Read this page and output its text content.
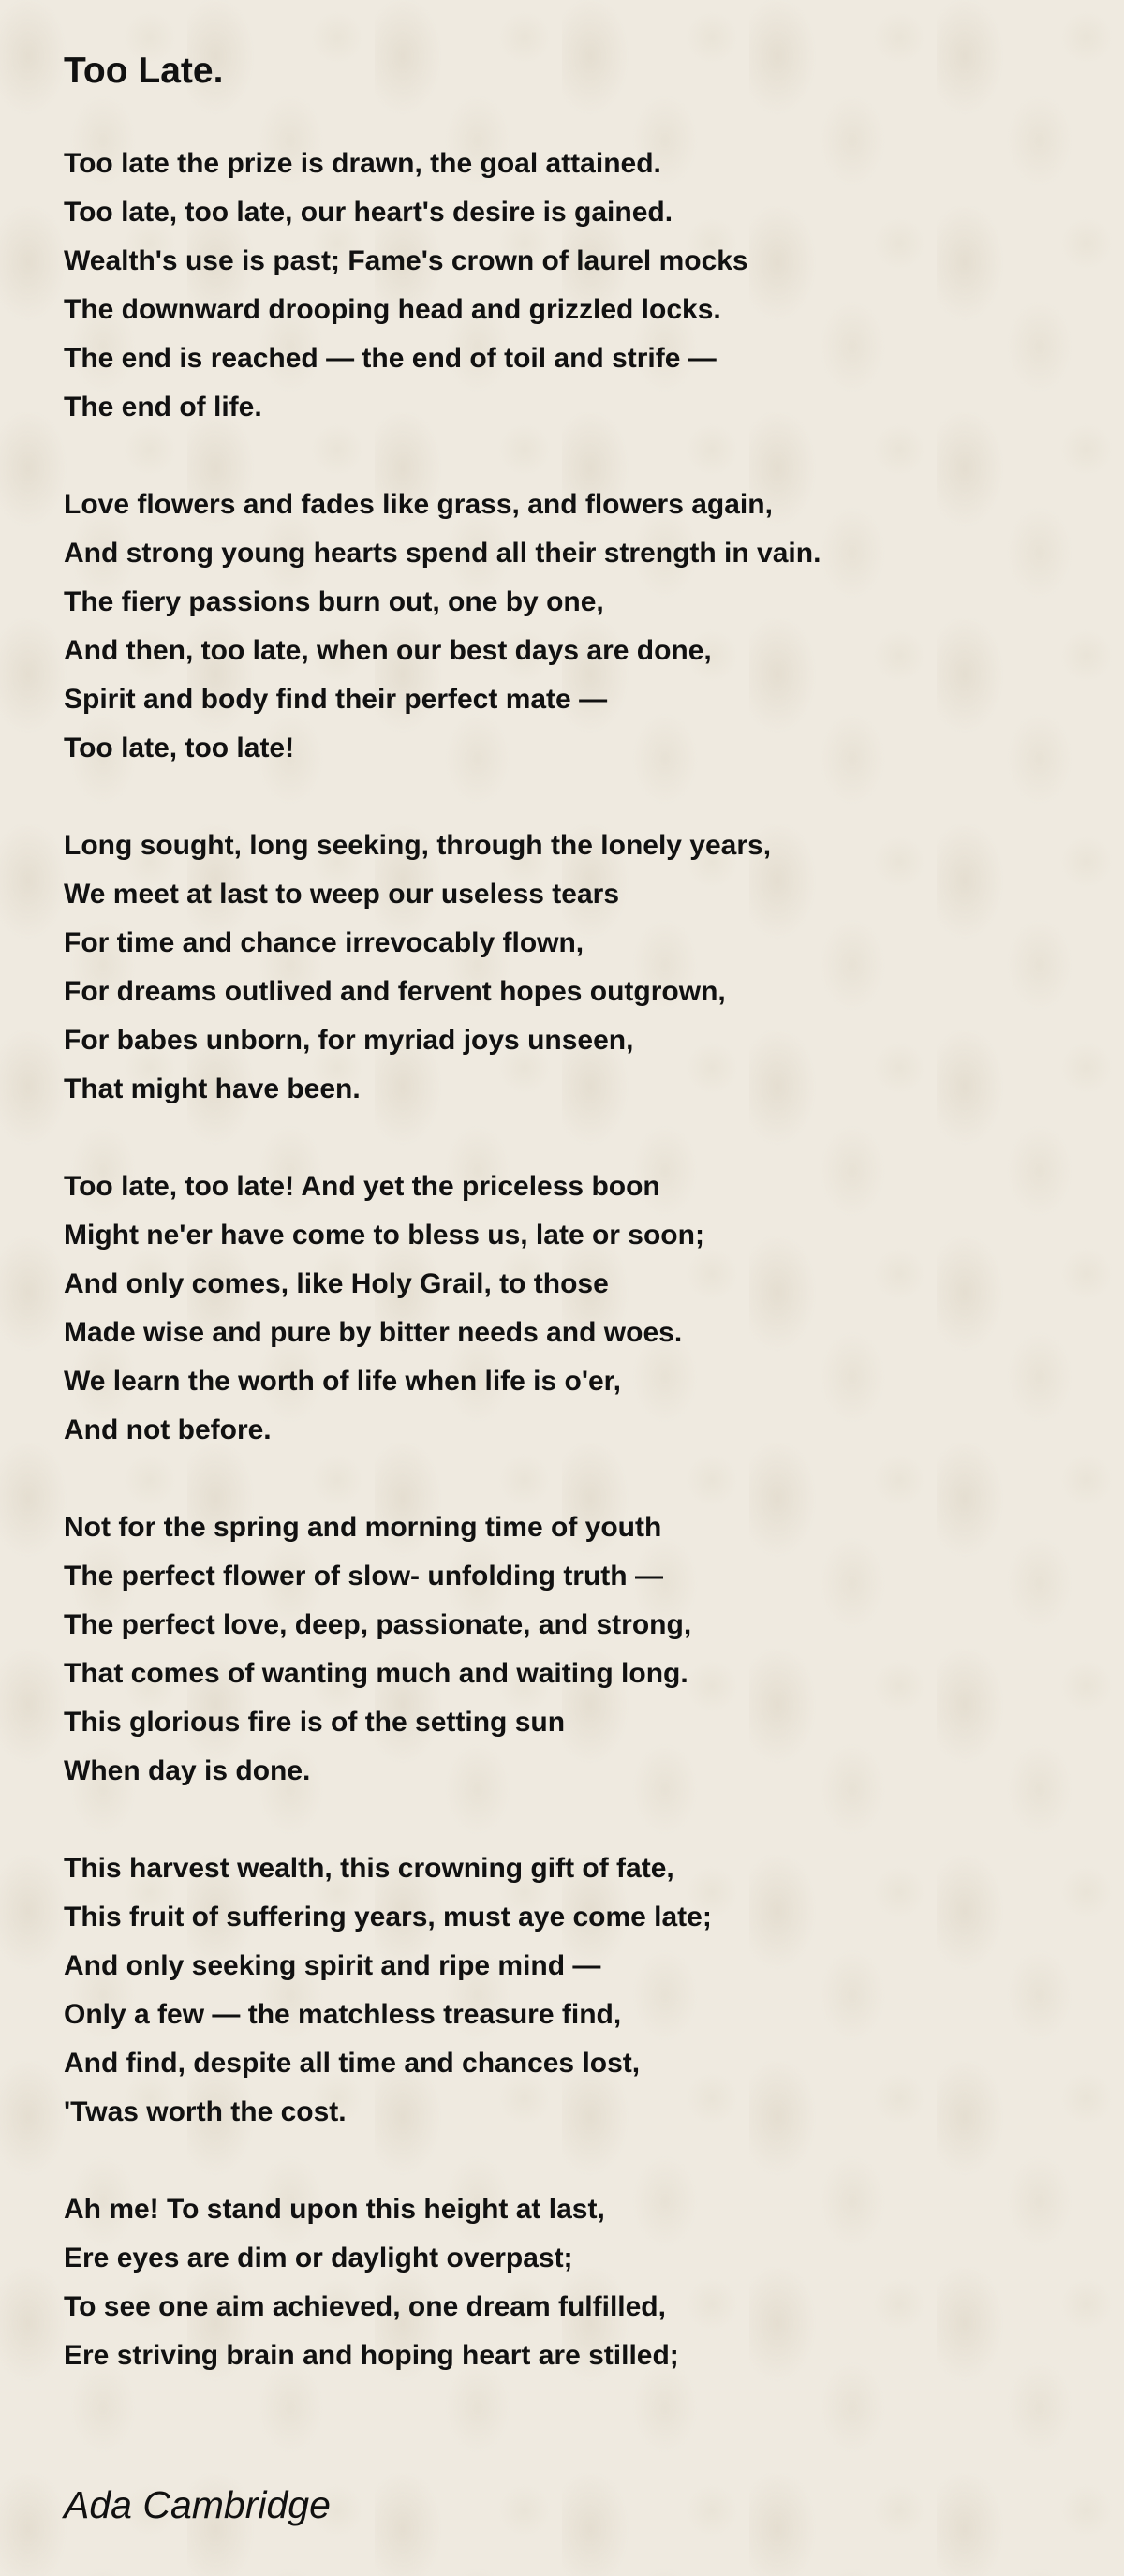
Too Late.
Too late the prize is drawn, the goal attained.
Too late, too late, our heart's desire is gained.
Wealth's use is past; Fame's crown of laurel mocks
The downward drooping head and grizzled locks.
The end is reached — the end of toil and strife —
The end of life.
Love flowers and fades like grass, and flowers again,
And strong young hearts spend all their strength in vain.
The fiery passions burn out, one by one,
And then, too late, when our best days are done,
Spirit and body find their perfect mate —
Too late, too late!
Long sought, long seeking, through the lonely years,
We meet at last to weep our useless tears
For time and chance irrevocably flown,
For dreams outlived and fervent hopes outgrown,
For babes unborn, for myriad joys unseen,
That might have been.
Too late, too late! And yet the priceless boon
Might ne'er have come to bless us, late or soon;
And only comes, like Holy Grail, to those
Made wise and pure by bitter needs and woes.
We learn the worth of life when life is o'er,
And not before.
Not for the spring and morning time of youth
The perfect flower of slow- unfolding truth —
The perfect love, deep, passionate, and strong,
That comes of wanting much and waiting long.
This glorious fire is of the setting sun
When day is done.
This harvest wealth, this crowning gift of fate,
This fruit of suffering years, must aye come late;
And only seeking spirit and ripe mind —
Only a few — the matchless treasure find,
And find, despite all time and chances lost,
'Twas worth the cost.
Ah me! To stand upon this height at last,
Ere eyes are dim or daylight overpast;
To see one aim achieved, one dream fulfilled,
Ere striving brain and hoping heart are stilled;
Ada Cambridge
